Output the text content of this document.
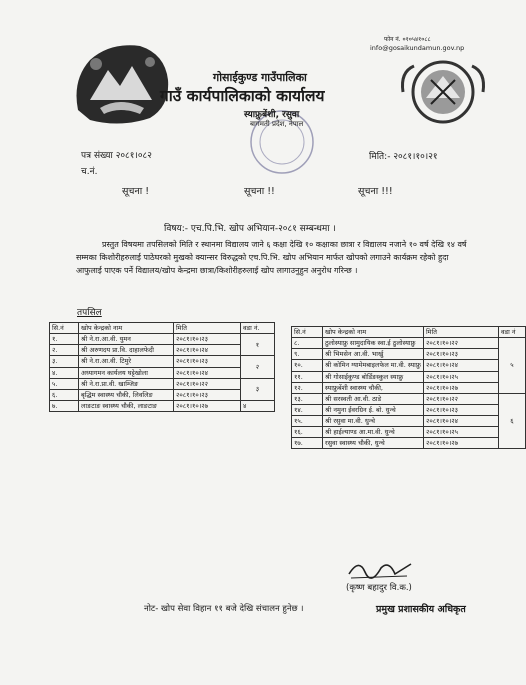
फोन नं. ०१०५४१०८८
info@gosaikundamun.gov.np
गोसाईकुण्ड गाउँपालिका
गाउँ कार्यपालिकाको कार्यालय
स्याफ्रुबेंशी, रसुवा
बागमती प्रदेश, नेपाल
पत्र संख्या २०८१।०८२
च.नं.
मिति:- २०८१।१०।२१
सूचना !	सूचना !!	सूचना !!!
विषय:- एच.पि.भि. खोप अभियान-२०८१ सम्बन्धमा ।
प्रस्तुत विषयमा तपसिलको मिति र स्थानमा विद्यालय जाने ६ कक्षा देखि १० कक्षाका छात्रा र विद्यालय नजाने १० वर्ष देखि १४ वर्ष सम्मका किशोरीहरुलाई पाठेघरको मुखको क्यान्सर विरुद्धको एच.पि.भि. खोप अभियान मार्फत खोपको लगाउने कार्यक्रम रहेको हुदा आफुलाई पाएक पर्ने विद्यालय/खोप केन्द्रमा छात्रा/किशोरीहरुलाई खोप लागाउनुहुन अनुरोध गरिन्छ ।
तपसिल
सि.नं	खोप केन्द्रको नाम	मिति	वडा नं.
१.	श्री ने.रा.आ.वी. युमन	२०८१।१०।२३	१
२.	श्री अरुणदय प्रा.वि. दाहालफेदी	२०८१।१०।२४	
३.	श्री ने.रा.आ.वी. टिमुरे	२०८१।१०।२३	२
४.	अध्यागमन कार्यलय घट्टेखोला	२०८१।१०।२४	
५.	श्री ने.रा.प्रा.वी. खाम्जिङ	२०८१।१०।२२	३
६.	बृद्धिम स्वास्थ्य चौकी, लिवलिङ	२०८१।१०।२३	
७.	लाङटाङ स्वास्थ्य चौकी, लाङटाङ	२०८१।१०।२७	४
सि.नं	खोप केन्द्रको नाम	मिति	वडा नं
८.	ठुलोस्याफ्रु सामुदायिक स्वा.ई ठुलोस्याफ्रु	२०८१।१०।२२	५
९.	श्री भिमसेन आ.वी. भार्खु	२०८१।१०।२३	
१०.	श्री कोमिन ग्यामेमबाइलफेल मा.वी. स्याफ्रु	२०८१।१०।२४	
११.	श्री गोसाईकुण्ड बोर्डिङस्कुल स्याफ्रु	२०८१।१०।२५	
१२.	स्याफ्रुबेंशी स्वास्थ्य चौकी,	२०८१।१०।२७	
१३.	श्री सरस्वती आ.वी. ठाडे	२०८१।१०।२२	६
१४.	श्री नमुना ईवरग्रिन ई. बो. धुन्चे	२०८१।१०।२३	
१५.	श्री रसुवा मा.वी. धुन्चे	२०८१।१०।२४	
१६.	श्री हाईल्याण्ड आ.मा.वी. धुन्चे	२०८१।१०।२५	
१७.	रसुवा स्वास्थ्य चौकी, धुन्चे	२०८१।१०।२७	
(कृष्ण बहादुर वि.क.)
नोट- खोप सेवा विहान ११ बजे देखि संचालन हुनेछ ।	प्रमुख प्रशासकीय अधिकृत
